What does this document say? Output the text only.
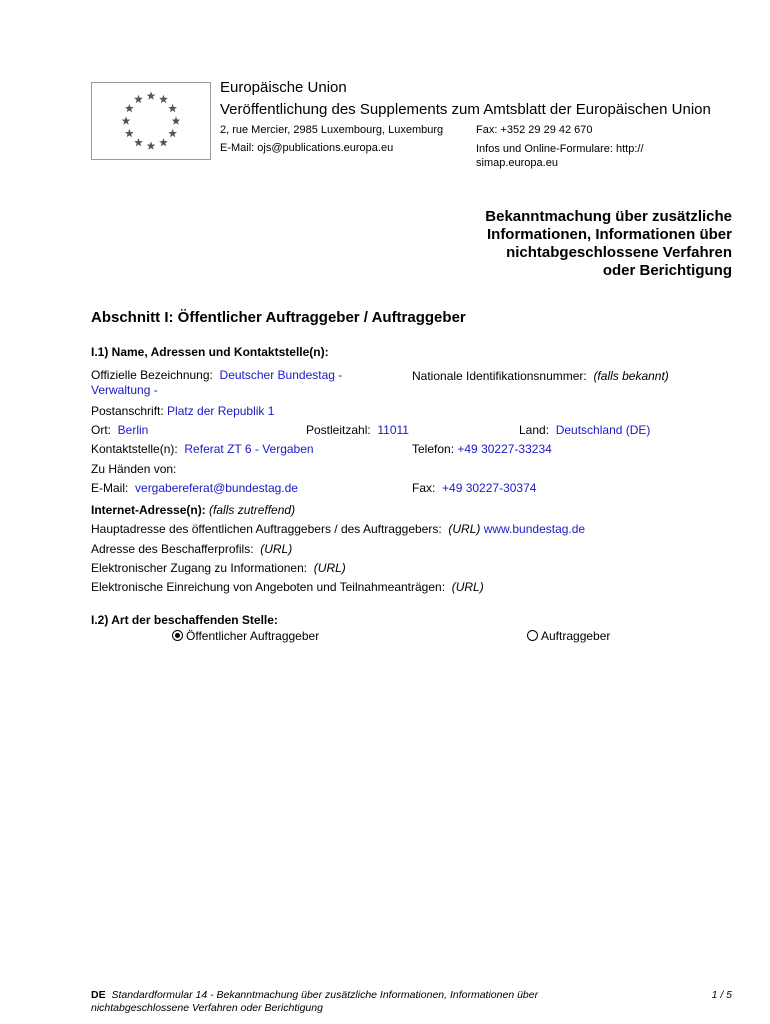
Europäische Union
Veröffentlichung des Supplements zum Amtsblatt der Europäischen Union
2, rue Mercier, 2985 Luxembourg, Luxemburg
E-Mail: ojs@publications.europa.eu
Fax: +352 29 29 42 670
Infos und Online-Formulare: http://
simap.europa.eu
Bekanntmachung über zusätzliche
Informationen, Informationen über
nichtabgeschlossene Verfahren
oder Berichtigung
Abschnitt I: Öffentlicher Auftraggeber / Auftraggeber
I.1) Name, Adressen und Kontaktstelle(n):
Offizielle Bezeichnung: Deutscher Bundestag - Verwaltung -
Nationale Identifikationsnummer: (falls bekannt)
Postanschrift: Platz der Republik 1
Ort: Berlin	Postleitzahl: 11011	Land: Deutschland (DE)
Kontaktstelle(n): Referat ZT 6 - Vergaben	Telefon: +49 30227-33234
Zu Händen von:
E-Mail: vergabereferat@bundestag.de	Fax: +49 30227-30374
Internet-Adresse(n): (falls zutreffend)
Hauptadresse des öffentlichen Auftraggebers / des Auftraggebers: (URL) www.bundestag.de
Adresse des Beschafferprofils: (URL)
Elektronischer Zugang zu Informationen: (URL)
Elektronische Einreichung von Angeboten und Teilnahmeanträgen: (URL)
I.2) Art der beschaffenden Stelle:
Öffentlicher Auftraggeber	Auftraggeber
DE Standardformular 14 - Bekanntmachung über zusätzliche Informationen, Informationen über
nichtabgeschlossene Verfahren oder Berichtigung
1 / 5
